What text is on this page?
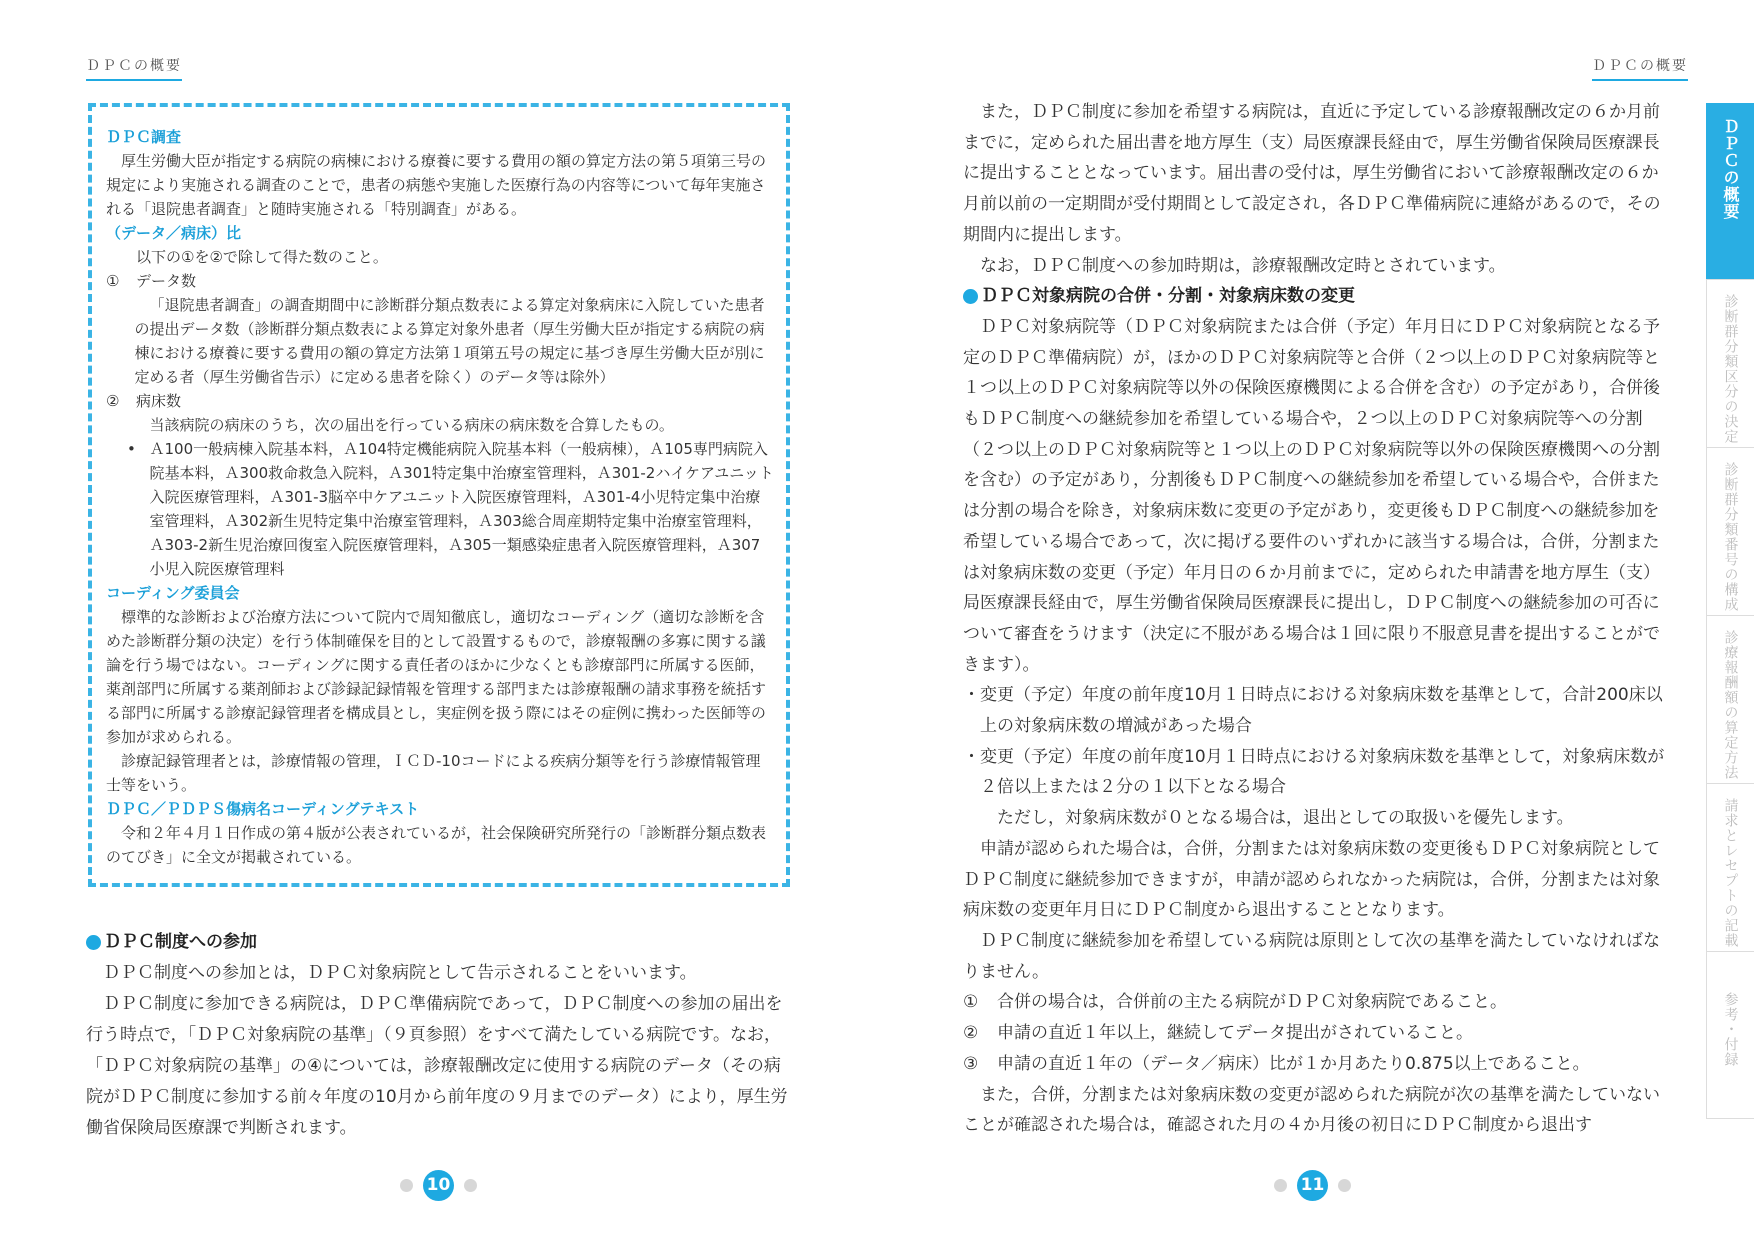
ＤＰＣの概要	ＤＰＣの概要
ＤＰＣ調査
厚生労働大臣が指定する病院の病棟における療養に要する費用の額の算定方法の第５項第三号の規定により実施される調査のことで，患者の病態や実施した医療行為の内容等について毎年実施される「退院患者調査」と随時実施される「特別調査」がある。
（データ／病床）比
以下の①を②で除して得た数のこと。
①	データ数
「退院患者調査」の調査期間中に診断群分類点数表による算定対象病床に入院していた患者の提出データ数（診断群分類点数表による算定対象外患者（厚生労働大臣が指定する病院の病棟における療養に要する費用の額の算定方法第１項第五号の規定に基づき厚生労働大臣が別に定める者（厚生労働省告示）に定める患者を除く）のデータ等は除外）
②	病床数
当該病院の病床のうち，次の届出を行っている病床の病床数を合算したもの。
• Ａ100一般病棟入院基本料，Ａ104特定機能病院入院基本料（一般病棟），Ａ105専門病院入院基本料，Ａ300救命救急入院料，Ａ301特定集中治療室管理料，Ａ301-2ハイケアユニット入院医療管理料，Ａ301-3脳卒中ケアユニット入院医療管理料，Ａ301-4小児特定集中治療室管理料，Ａ302新生児特定集中治療室管理料，Ａ303総合周産期特定集中治療室管理料，Ａ303-2新生児治療回復室入院医療管理料，Ａ305一類感染症患者入院医療管理料，Ａ307小児入院医療管理料
コーディング委員会
標準的な診断および治療方法について院内で周知徹底し，適切なコーディング（適切な診断を含めた診断群分類の決定）を行う体制確保を目的として設置するもので，診療報酬の多寡に関する議論を行う場ではない。コーディングに関する責任者のほかに少なくとも診療部門に所属する医師，薬剤部門に所属する薬剤師および診録記録情報を管理する部門または診療報酬の請求事務を統括する部門に所属する診療記録管理者を構成員とし，実症例を扱う際にはその症例に携わった医師等の参加が求められる。
診療記録管理者とは，診療情報の管理，ＩＣＤ-10コードによる疾病分類等を行う診療情報管理士等をいう。
ＤＰＣ／ＰＤＰＳ傷病名コーディングテキスト
令和２年４月１日作成の第４版が公表されているが，社会保険研究所発行の「診断群分類点数表のてびき」に全文が掲載されている。
ＤＰＣ制度への参加
ＤＰＣ制度への参加とは，ＤＰＣ対象病院として告示されることをいいます。
ＤＰＣ制度に参加できる病院は，ＤＰＣ準備病院であって，ＤＰＣ制度への参加の届出を行う時点で，「ＤＰＣ対象病院の基準」（９頁参照）をすべて満たしている病院です。なお，「ＤＰＣ対象病院の基準」の④については，診療報酬改定に使用する病院のデータ（その病院がＤＰＣ制度に参加する前々年度の10月から前年度の９月までのデータ）により，厚生労働省保険局医療課で判断されます。
また，ＤＰＣ制度に参加を希望する病院は，直近に予定している診療報酬改定の６か月前までに，定められた届出書を地方厚生（支）局医療課長経由で，厚生労働省保険局医療課長に提出することとなっています。届出書の受付は，厚生労働省において診療報酬改定の６か月前以前の一定期間が受付期間として設定され，各ＤＰＣ準備病院に連絡があるので，その期間内に提出します。
なお，ＤＰＣ制度への参加時期は，診療報酬改定時とされています。
ＤＰＣ対象病院の合併・分割・対象病床数の変更
ＤＰＣ対象病院等（ＤＰＣ対象病院または合併（予定）年月日にＤＰＣ対象病院となる予定のＤＰＣ準備病院）が，ほかのＤＰＣ対象病院等と合併（２つ以上のＤＰＣ対象病院等と１つ以上のＤＰＣ対象病院等以外の保険医療機関による合併を含む）の予定があり，合併後もＤＰＣ制度への継続参加を希望している場合や，２つ以上のＤＰＣ対象病院等への分割（２つ以上のＤＰＣ対象病院等と１つ以上のＤＰＣ対象病院等以外の保険医療機関への分割を含む）の予定があり，分割後もＤＰＣ制度への継続参加を希望している場合や，合併または分割の場合を除き，対象病床数に変更の予定があり，変更後もＤＰＣ制度への継続参加を希望している場合であって，次に掲げる要件のいずれかに該当する場合は，合併，分割または対象病床数の変更（予定）年月日の６か月前までに，定められた申請書を地方厚生（支）局医療課長経由で，厚生労働省保険局医療課長に提出し，ＤＰＣ制度への継続参加の可否について審査をうけます（決定に不服がある場合は１回に限り不服意見書を提出することができます）。
・変更（予定）年度の前年度10月１日時点における対象病床数を基準として，合計200床以上の対象病床数の増減があった場合
・変更（予定）年度の前年度10月１日時点における対象病床数を基準として，対象病床数が２倍以上または２分の１以下となる場合
ただし，対象病床数が０となる場合は，退出としての取扱いを優先します。
申請が認められた場合は，合併，分割または対象病床数の変更後もＤＰＣ対象病院としてＤＰＣ制度に継続参加できますが，申請が認められなかった病院は，合併，分割または対象病床数の変更年月日にＤＰＣ制度から退出することとなります。
ＤＰＣ制度に継続参加を希望している病院は原則として次の基準を満たしていなければなりません。
①	合併の場合は，合併前の主たる病院がＤＰＣ対象病院であること。
②	申請の直近１年以上，継続してデータ提出がされていること。
③	申請の直近１年の（データ／病床）比が１か月あたり0.875以上であること。
また，合併，分割または対象病床数の変更が認められた病院が次の基準を満たしていないことが確認された場合は，確認された月の４か月後の初日にＤＰＣ制度から退出す
10	11
ＤＰＣの概要
診断群分類区分の決定
診断群分類番号の構成
診療報酬額の算定方法
請求とレセプトの記載
参考・付録
